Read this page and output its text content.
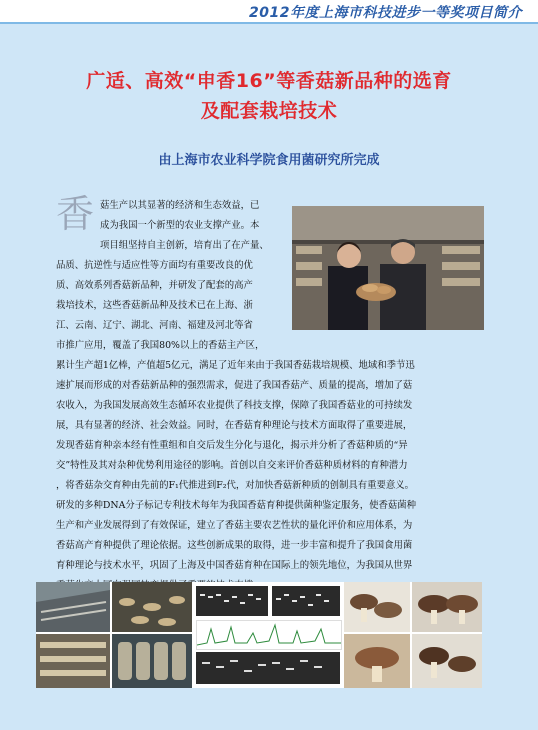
2012年度上海市科技进步一等奖项目简介
广适、高效“申香16”等香菇新品种的选育
及配套栽培技术
由上海市农业科学院食用菌研究所完成
香 菇生产以其显著的经济和生态效益，已
成为我国一个新型的农业支撑产业。本
项目组坚持自主创新，培育出了在产量、
品质、抗逆性与适应性等方面均有重要改良的优
质、高效系列香菇新品种，并研发了配套的高产
栽培技术，这些香菇新品种及技术已在上海、浙
江、云南、辽宁、湖北、河南、福建及河北等省
市推广应用，覆盖了我国80%以上的香菇主产区，
累计生产超1亿棒，产值超5亿元，满足了近年来由于我国香菇栽培规模、地域和季节迅
速扩展而形成的对香菇新品种的强烈需求，促进了我国香菇产、质量的提高，增加了菇
农收入，为我国发展高效生态循环农业提供了科技支撑，保障了我国香菇业的可持续发
展，具有显著的经济、社会效益。同时，在香菇育种理论与技术方面取得了重要进展，
发现香菇育种亲本经有性重组和自交后发生分化与退化，揭示并分析了香菇种质的“异
交”特性及其对杂种优势利用途径的影响。首创以自交来评价香菇种质材料的育种潜力
，将香菇杂交育种由先前的F₁代推进到F₂代，对加快香菇新种质的创制具有重要意义。
研发的多种DNA分子标记专利技术每年为我国香菇育种提供菌种鉴定服务，使香菇菌种
生产和产业发展得到了有效保证，建立了香菇主要农艺性状的量化评价和应用体系，为
香菇高产育种提供了理论依据。这些创新成果的取得，进一步丰富和提升了我国食用菌
育种理论与技术水平，巩固了上海及中国香菇育种在国际上的领先地位，为我国从世界
